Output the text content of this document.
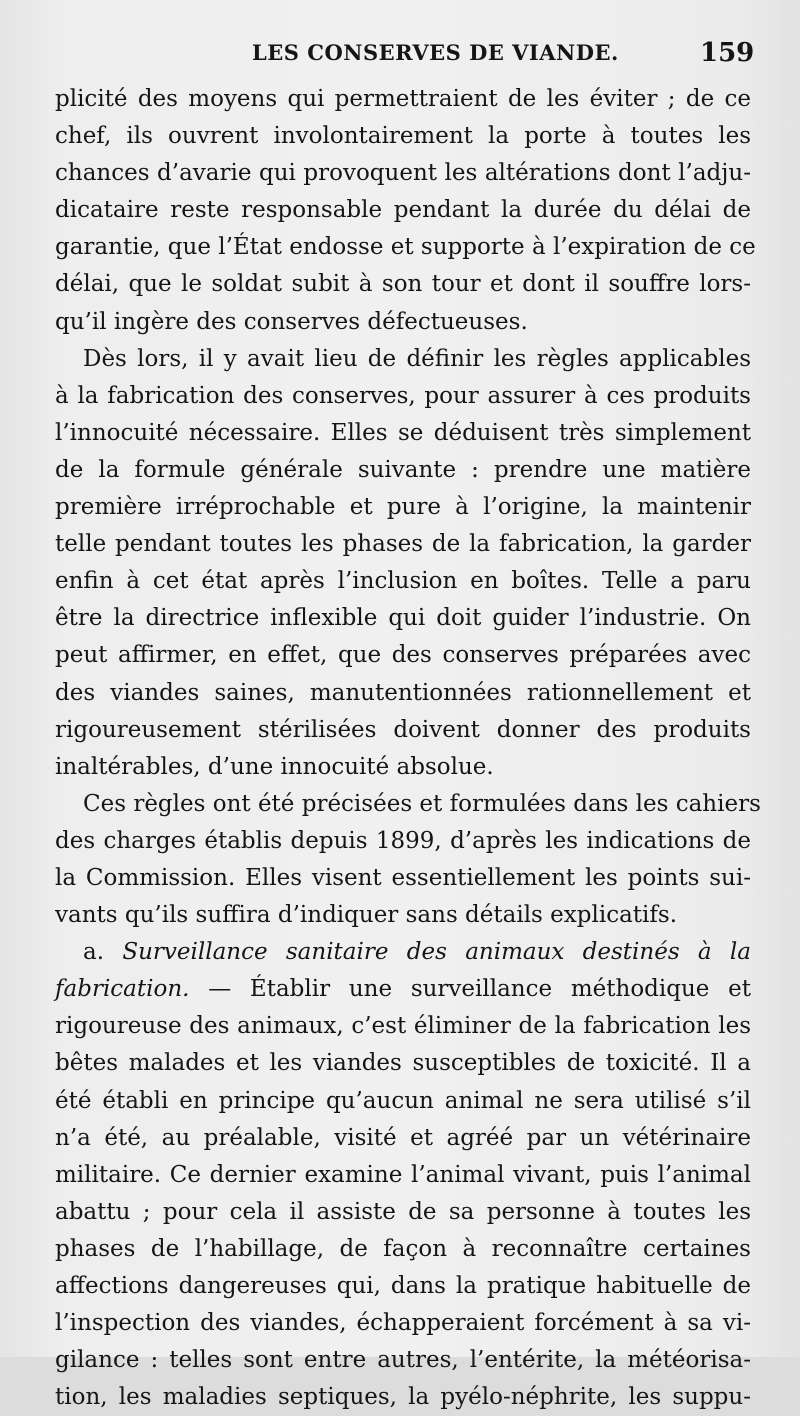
LES CONSERVES DE VIANDE.	159
plicité des moyens qui permettraient de les éviter ; de ce
chef, ils ouvrent involontairement la porte à toutes les
chances d’avarie qui provoquent les altérations dont l’adju-
dicataire reste responsable pendant la durée du délai de
garantie, que l’État endosse et supporte à l’expiration de ce
délai, que le soldat subit à son tour et dont il souffre lors-
qu’il ingère des conserves défectueuses.
Dès lors, il y avait lieu de définir les règles applicables
à la fabrication des conserves, pour assurer à ces produits
l’innocuité nécessaire. Elles se déduisent très simplement
de la formule générale suivante : prendre une matière
première irréprochable et pure à l’origine, la maintenir
telle pendant toutes les phases de la fabrication, la garder
enfin à cet état après l’inclusion en boîtes. Telle a paru
être la directrice inflexible qui doit guider l’industrie. On
peut affirmer, en effet, que des conserves préparées avec
des viandes saines, manutentionnées rationnellement et
rigoureusement stérilisées doivent donner des produits
inaltérables, d’une innocuité absolue.
Ces règles ont été précisées et formulées dans les cahiers
des charges établis depuis 1899, d’après les indications de
la Commission. Elles visent essentiellement les points sui-
vants qu’ils suffira d’indiquer sans détails explicatifs.
a. Surveillance sanitaire des animaux destinés à la
fabrication. — Établir une surveillance méthodique et
rigoureuse des animaux, c’est éliminer de la fabrication les
bêtes malades et les viandes susceptibles de toxicité. Il a
été établi en principe qu’aucun animal ne sera utilisé s’il
n’a été, au préalable, visité et agréé par un vétérinaire
militaire. Ce dernier examine l’animal vivant, puis l’animal
abattu ; pour cela il assiste de sa personne à toutes les
phases de l’habillage, de façon à reconnaître certaines
affections dangereuses qui, dans la pratique habituelle de
l’inspection des viandes, échapperaient forcément à sa vi-
gilance : telles sont entre autres, l’entérite, la météorisa-
tion, les maladies septiques, la pyélo-néphrite, les suppu-
